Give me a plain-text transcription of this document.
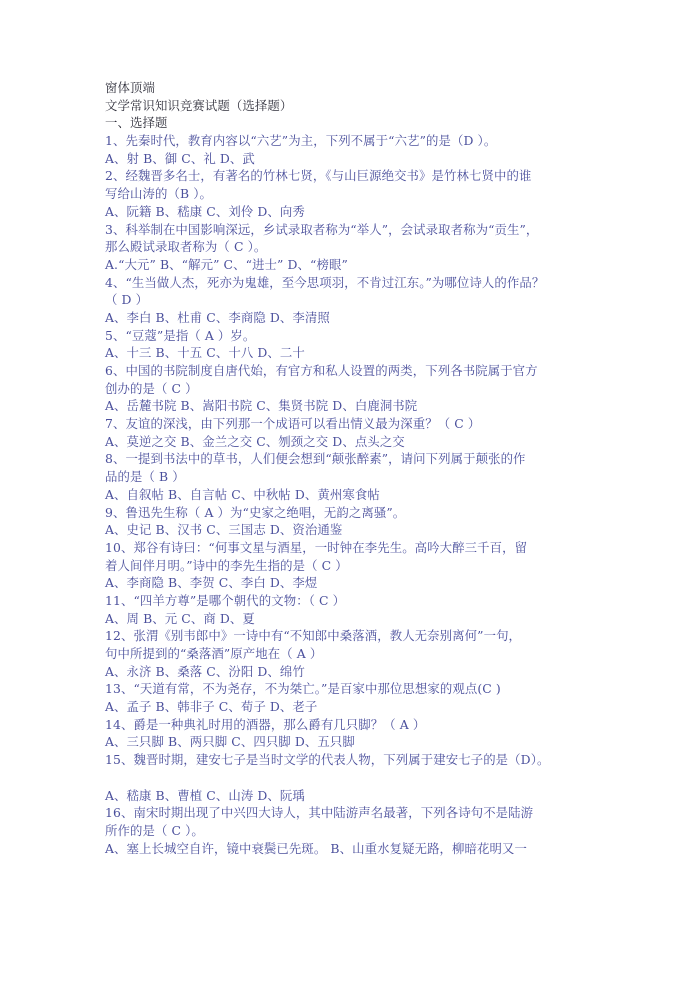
窗体顶端
文学常识知识竞赛试题（选择题）
一、选择题
1、先秦时代，教育内容以“六艺”为主，下列不属于“六艺”的是（D ）。
A、射 B、御 C、礼 D、武
2、经魏晋多名士，有著名的竹林七贤，《与山巨源绝交书》是竹林七贤中的谁
写给山涛的（B ）。
A、阮籍 B、嵇康 C、刘伶 D、向秀
3、科举制在中国影响深远，乡试录取者称为“举人”，会试录取者称为“贡生”，
那么殿试录取者称为（ C ）。
A.“大元” B、“解元” C、“进士” D、“榜眼”
4、“生当做人杰，死亦为鬼雄，至今思项羽，不肯过江东。”为哪位诗人的作品？
（ D ）
A、李白 B、杜甫 C、李商隐 D、李清照
5、“豆蔻”是指（ A ）岁。
A、十三 B、十五 C、十八 D、二十
6、中国的书院制度自唐代始，有官方和私人设置的两类，下列各书院属于官方
创办的是（ C ）
A、岳麓书院 B、嵩阳书院 C、集贤书院 D、白鹿洞书院
7、友谊的深浅，由下列那一个成语可以看出情义最为深重？（ C ）
A、莫逆之交 B、金兰之交 C、刎颈之交 D、点头之交
8、一提到书法中的草书，人们便会想到“颠张醉素”，请问下列属于颠张的作
品的是（ B ）
A、自叙帖 B、自言帖 C、中秋帖 D、黄州寒食帖
9、鲁迅先生称（ A ）为“史家之绝唱，无韵之离骚”。
A、史记 B、汉书 C、三国志 D、资治通鉴
10、郑谷有诗曰：“何事文星与酒星，一时钟在李先生。高吟大醉三千百，留
着人间伴月明。”诗中的李先生指的是（ C ）
A、李商隐 B、李贺 C、李白 D、李煜
11、“四羊方尊”是哪个朝代的文物：（ C ）
A、周 B、元 C、商 D、夏
12、张渭《别韦郎中》一诗中有“不知郎中桑落酒，教人无奈别离何”一句，
句中所提到的“桑落酒”原产地在（ A ）
A、永济 B、桑落 C、汾阳 D、绵竹
13、“天道有常，不为尧存，不为桀亡。”是百家中那位思想家的观点(C )
A、孟子 B、韩非子 C、荀子 D、老子
14、爵是一种典礼时用的酒器，那么爵有几只脚？（ A ）
A、三只脚 B、两只脚 C、四只脚 D、五只脚
15、魏晋时期，建安七子是当时文学的代表人物，下列属于建安七子的是（D）。
A、嵇康 B、曹植 C、山涛 D、阮瑀
16、南宋时期出现了中兴四大诗人，其中陆游声名最著，下列各诗句不是陆游
所作的是（ C ）。
A、塞上长城空自许，镜中衰鬓已先斑。 B、山重水复疑无路，柳暗花明又一
